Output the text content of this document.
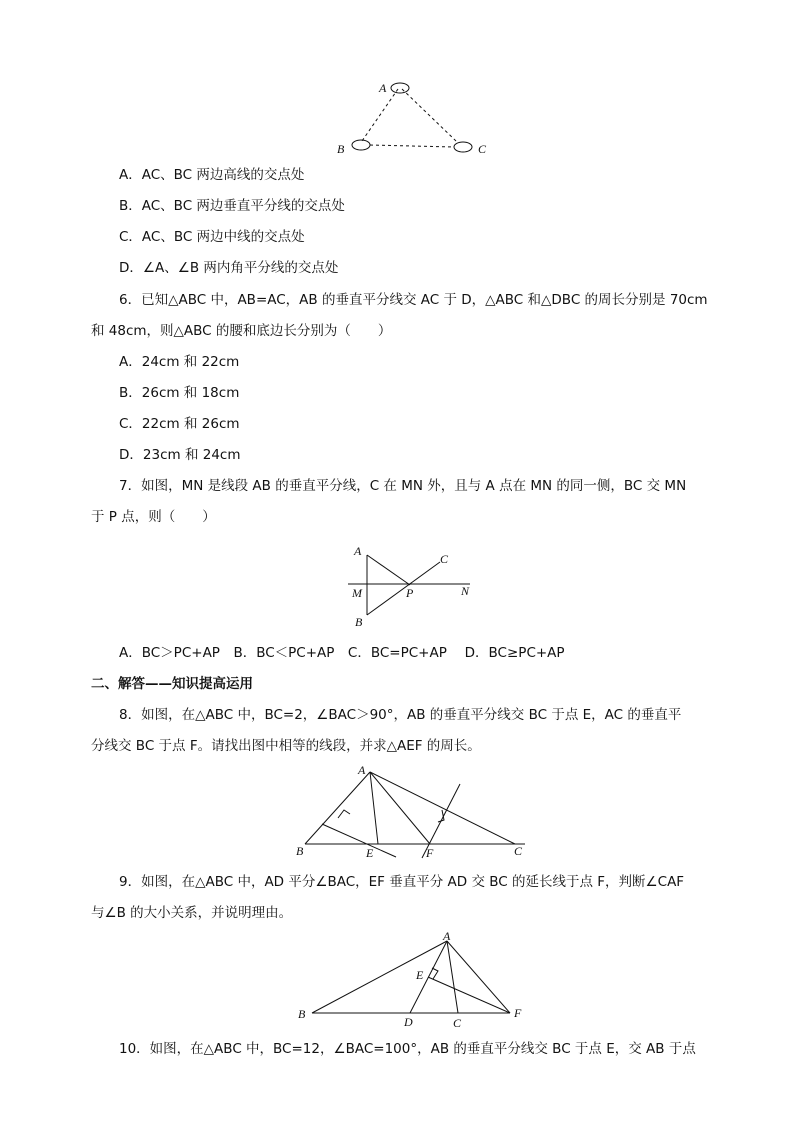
A
B	C
A．AC、BC 两边高线的交点处
B．AC、BC 两边垂直平分线的交点处
C．AC、BC 两边中线的交点处
D．∠A、∠B 两内角平分线的交点处
6．已知△ABC 中，AB=AC，AB 的垂直平分线交 AC 于 D，△ABC 和△DBC 的周长分别是 70cm
和 48cm，则△ABC 的腰和底边长分别为（　　）
A．24cm 和 22cm
B．26cm 和 18cm
C．22cm 和 26cm
D．23cm 和 24cm
7．如图，MN 是线段 AB 的垂直平分线，C 在 MN 外，且与 A 点在 MN 的同一侧，BC 交 MN
于 P 点，则（　　）
A
C
M	P	N
B
A．BC＞PC+AP　B．BC＜PC+AP　C．BC=PC+AP　 D．BC≥PC+AP
二、解答——知识提高运用
8．如图，在△ABC 中，BC=2，∠BAC＞90°，AB 的垂直平分线交 BC 于点 E，AC 的垂直平
分线交 BC 于点 F。请找出图中相等的线段，并求△AEF 的周长。
A
B	E	F	C
9．如图，在△ABC 中，AD 平分∠BAC，EF 垂直平分 AD 交 BC 的延长线于点 F，判断∠CAF
与∠B 的大小关系，并说明理由。
A
E
B
D	C
F
10．如图，在△ABC 中，BC=12，∠BAC=100°，AB 的垂直平分线交 BC 于点 E，交 AB 于点
